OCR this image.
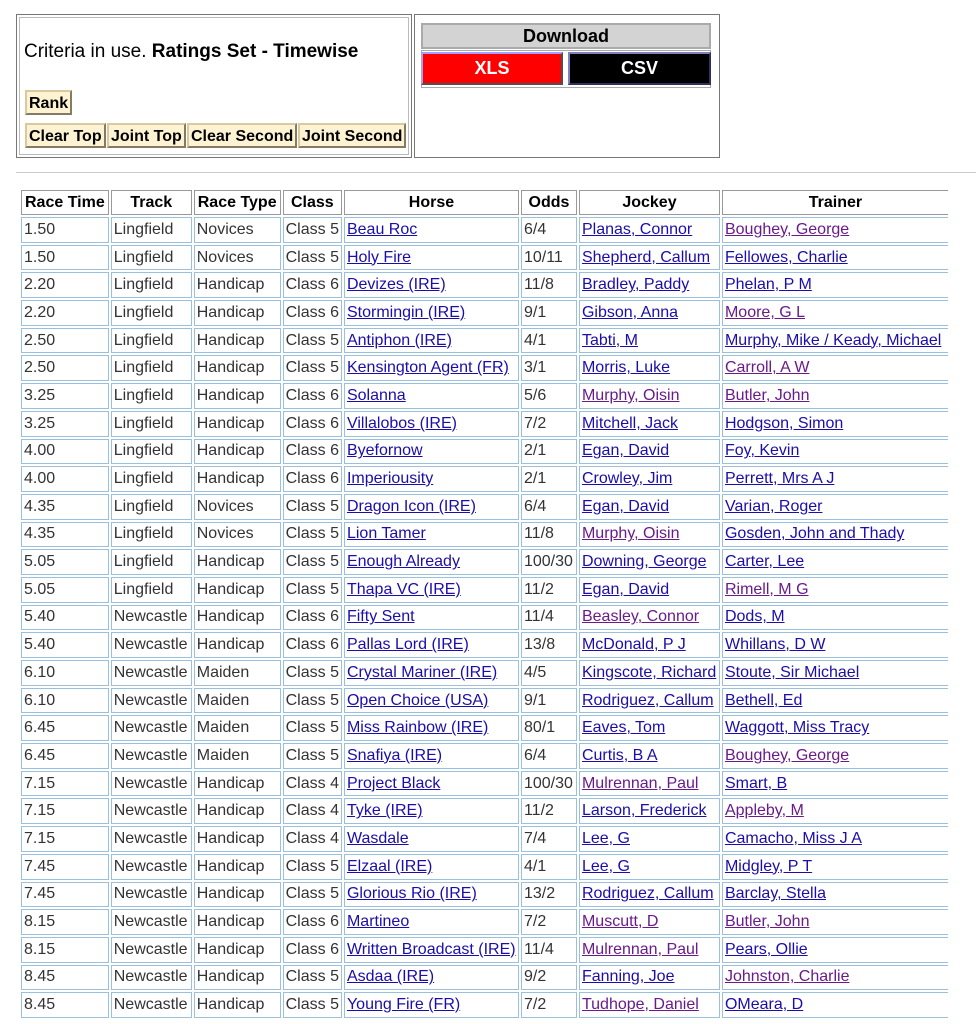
Criteria in use. Ratings Set - Timewise
Rank
Clear Top Joint Top Clear Second Joint Second
Download
XLS	CSV
Race Time	Track	Race Type	Class	Horse	Odds	Jockey	Trainer
1.50	Lingfield	Novices	Class 5	Beau Roc	6/4	Planas, Connor	Boughey, George
1.50	Lingfield	Novices	Class 5	Holy Fire	10/11	Shepherd, Callum	Fellowes, Charlie
2.20	Lingfield	Handicap	Class 6	Devizes (IRE)	11/8	Bradley, Paddy	Phelan, P M
2.20	Lingfield	Handicap	Class 6	Stormingin (IRE)	9/1	Gibson, Anna	Moore, G L
2.50	Lingfield	Handicap	Class 5	Antiphon (IRE)	4/1	Tabti, M	Murphy, Mike / Keady, Michael
2.50	Lingfield	Handicap	Class 5	Kensington Agent (FR)	3/1	Morris, Luke	Carroll, A W
3.25	Lingfield	Handicap	Class 6	Solanna	5/6	Murphy, Oisin	Butler, John
3.25	Lingfield	Handicap	Class 6	Villalobos (IRE)	7/2	Mitchell, Jack	Hodgson, Simon
4.00	Lingfield	Handicap	Class 6	Byefornow	2/1	Egan, David	Foy, Kevin
4.00	Lingfield	Handicap	Class 6	Imperiousity	2/1	Crowley, Jim	Perrett, Mrs A J
4.35	Lingfield	Novices	Class 5	Dragon Icon (IRE)	6/4	Egan, David	Varian, Roger
4.35	Lingfield	Novices	Class 5	Lion Tamer	11/8	Murphy, Oisin	Gosden, John and Thady
5.05	Lingfield	Handicap	Class 5	Enough Already	100/30	Downing, George	Carter, Lee
5.05	Lingfield	Handicap	Class 5	Thapa VC (IRE)	11/2	Egan, David	Rimell, M G
5.40	Newcastle	Handicap	Class 6	Fifty Sent	11/4	Beasley, Connor	Dods, M
5.40	Newcastle	Handicap	Class 6	Pallas Lord (IRE)	13/8	McDonald, P J	Whillans, D W
6.10	Newcastle	Maiden	Class 5	Crystal Mariner (IRE)	4/5	Kingscote, Richard	Stoute, Sir Michael
6.10	Newcastle	Maiden	Class 5	Open Choice (USA)	9/1	Rodriguez, Callum	Bethell, Ed
6.45	Newcastle	Maiden	Class 5	Miss Rainbow (IRE)	80/1	Eaves, Tom	Waggott, Miss Tracy
6.45	Newcastle	Maiden	Class 5	Snafiya (IRE)	6/4	Curtis, B A	Boughey, George
7.15	Newcastle	Handicap	Class 4	Project Black	100/30	Mulrennan, Paul	Smart, B
7.15	Newcastle	Handicap	Class 4	Tyke (IRE)	11/2	Larson, Frederick	Appleby, M
7.15	Newcastle	Handicap	Class 4	Wasdale	7/4	Lee, G	Camacho, Miss J A
7.45	Newcastle	Handicap	Class 5	Elzaal (IRE)	4/1	Lee, G	Midgley, P T
7.45	Newcastle	Handicap	Class 5	Glorious Rio (IRE)	13/2	Rodriguez, Callum	Barclay, Stella
8.15	Newcastle	Handicap	Class 6	Martineo	7/2	Muscutt, D	Butler, John
8.15	Newcastle	Handicap	Class 6	Written Broadcast (IRE)	11/4	Mulrennan, Paul	Pears, Ollie
8.45	Newcastle	Handicap	Class 5	Asdaa (IRE)	9/2	Fanning, Joe	Johnston, Charlie
8.45	Newcastle	Handicap	Class 5	Young Fire (FR)	7/2	Tudhope, Daniel	OMeara, D
